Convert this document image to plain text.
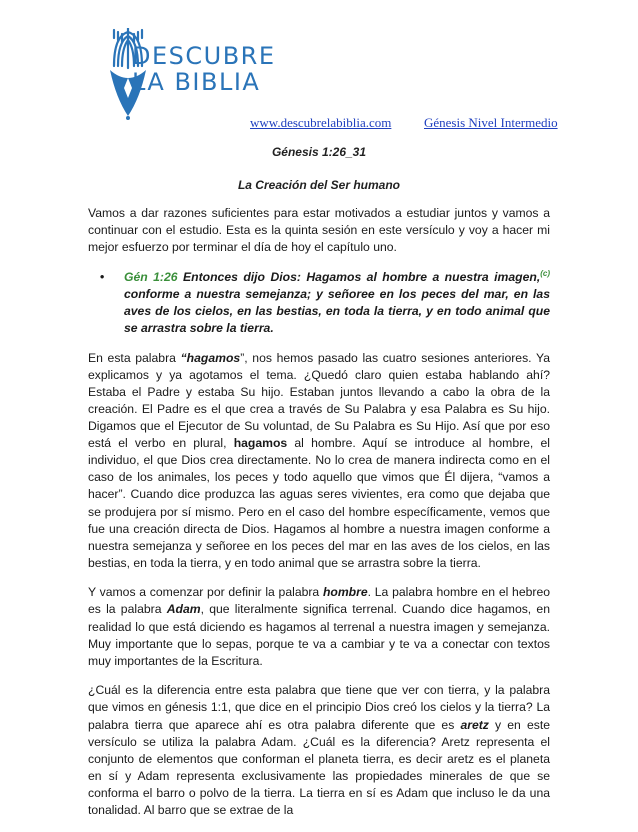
DESCUBRE
LA BIBLIA
www.descubrelabiblia.com	Génesis Nivel Intermedio
Génesis 1:26_31
La Creación del Ser humano

Vamos a dar razones suficientes para estar motivados a estudiar juntos y vamos a continuar con el estudio. Esta es la quinta sesión en este versículo y voy a hacer mi mejor esfuerzo por terminar el día de hoy el capítulo uno.

• Gén 1:26 Entonces dijo Dios: Hagamos al hombre a nuestra imagen,$^{(c)}$ conforme a nuestra semejanza; y señoree en los peces del mar, en las aves de los cielos, en las bestias, en toda la tierra, y en todo animal que se arrastra sobre la tierra.

En esta palabra “hagamos”, nos hemos pasado las cuatro sesiones anteriores. Ya explicamos y ya agotamos el tema. ¿Quedó claro quien estaba hablando ahí? Estaba el Padre y estaba Su hijo. Estaban juntos llevando a cabo la obra de la creación. El Padre es el que crea a través de Su Palabra y esa Palabra es Su hijo. Digamos que el Ejecutor de Su voluntad, de Su Palabra es Su Hijo. Así que por eso está el verbo en plural, hagamos al hombre. Aquí se introduce al hombre, el individuo, el que Dios crea directamente. No lo crea de manera indirecta como en el caso de los animales, los peces y todo aquello que vimos que Él dijera, “vamos a hacer”. Cuando dice produzca las aguas seres vivientes, era como que dejaba que se produjera por sí mismo. Pero en el caso del hombre específicamente, vemos que fue una creación directa de Dios. Hagamos al hombre a nuestra imagen conforme a nuestra semejanza y señoree en los peces del mar en las aves de los cielos, en las bestias, en toda la tierra, y en todo animal que se arrastra sobre la tierra.

Y vamos a comenzar por definir la palabra hombre. La palabra hombre en el hebreo es la palabra Adam, que literalmente significa terrenal. Cuando dice hagamos, en realidad lo que está diciendo es hagamos al terrenal a nuestra imagen y semejanza. Muy importante que lo sepas, porque te va a cambiar y te va a conectar con textos muy importantes de la Escritura.

¿Cuál es la diferencia entre esta palabra que tiene que ver con tierra, y la palabra que vimos en génesis 1:1, que dice en el principio Dios creó los cielos y la tierra? La palabra tierra que aparece ahí es otra palabra diferente que es aretz y en este versículo se utiliza la palabra Adam. ¿Cuál es la diferencia? Aretz representa el conjunto de elementos que conforman el planeta tierra, es decir aretz es el planeta en sí y Adam representa exclusivamente las propiedades minerales de que se conforma el barro o polvo de la tierra. La tierra en sí es Adam que incluso le da una tonalidad. Al barro que se extrae de la
